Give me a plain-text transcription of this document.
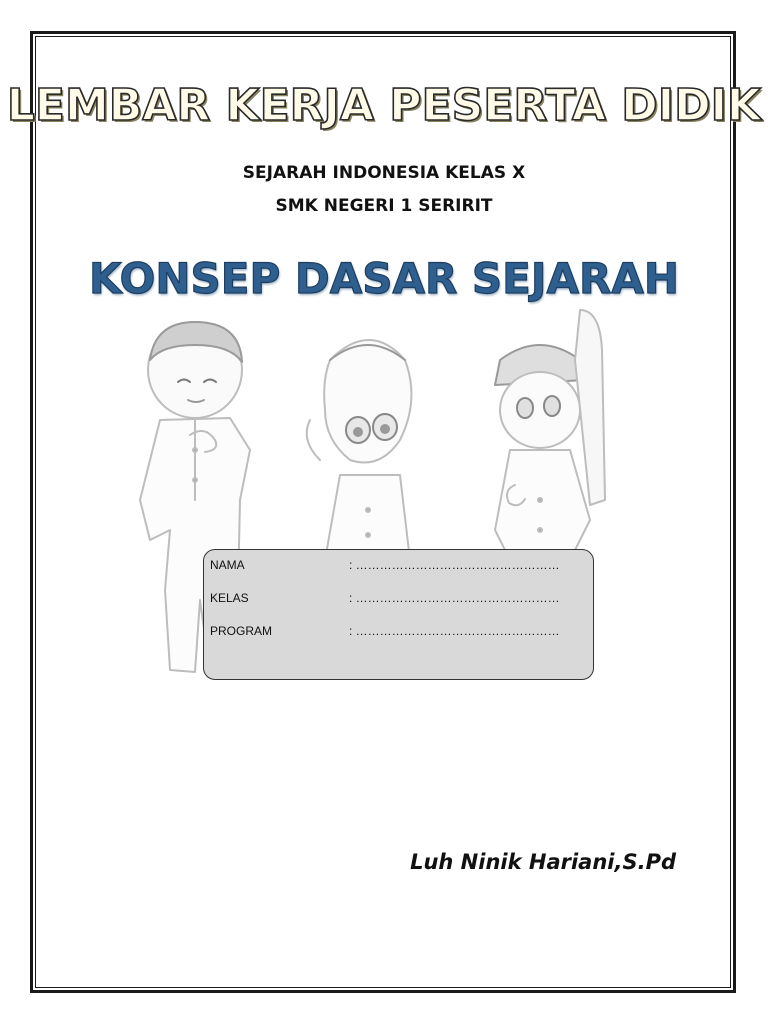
LEMBAR KERJA PESERTA DIDIK

SEJARAH INDONESIA KELAS X

SMK NEGERI 1 SERIRIT

KONSEP DASAR SEJARAH
NAMA	: ……………………………………………
KELAS	: ……………………………………………
PROGRAM	: ……………………………………………

Luh Ninik Hariani,S.Pd
